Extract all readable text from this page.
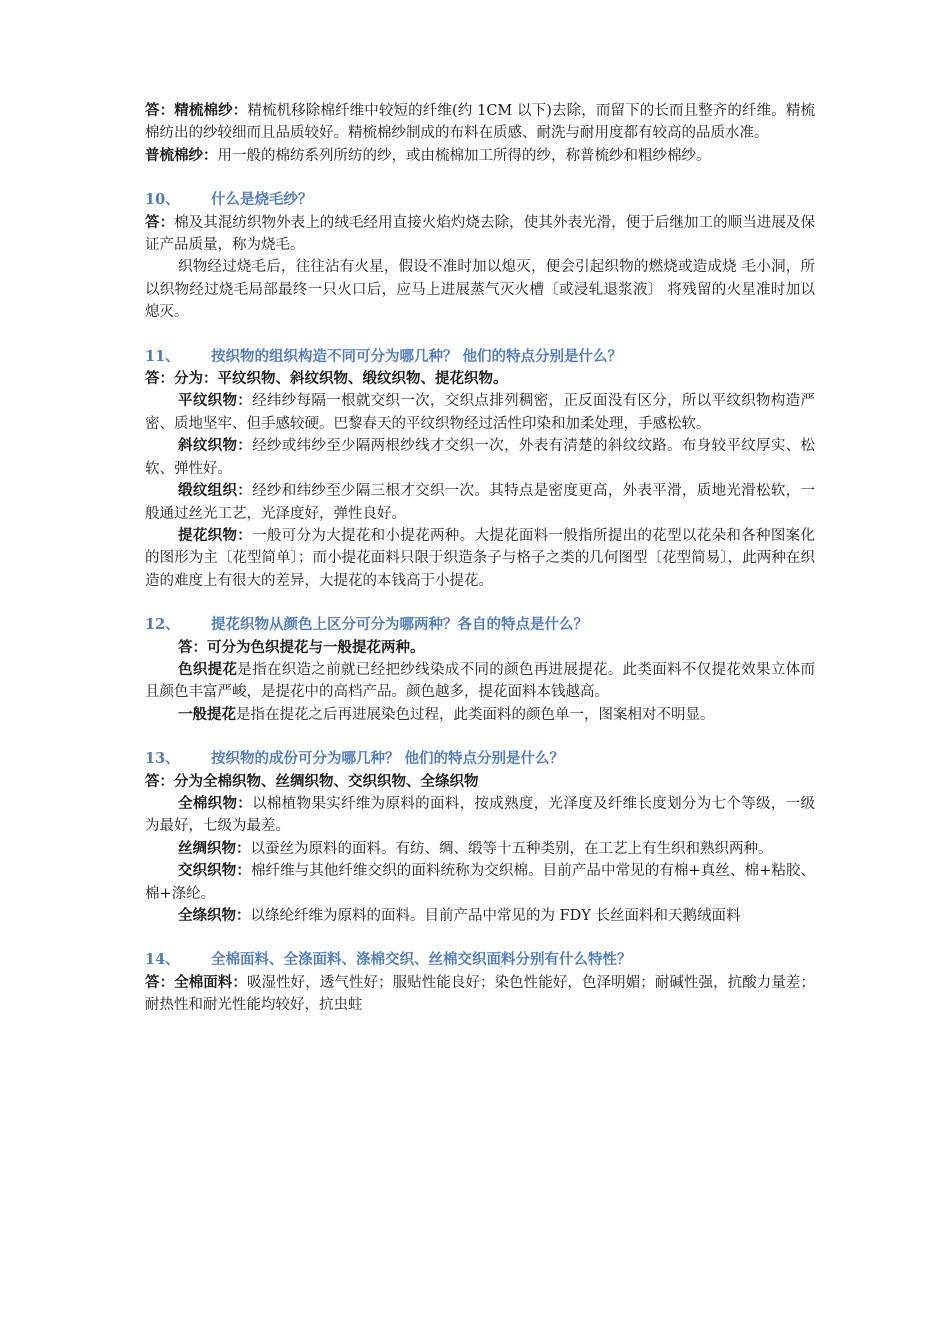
答：精梳棉纱：精梳机移除棉纤维中较短的纤维(约 1CM 以下)去除，而留下的长而且整齐的纤维。精梳棉纺出的纱较细而且品质较好。精梳棉纱制成的布料在质感、耐洗与耐用度都有较高的品质水准。

普梳棉纱：用一般的棉纺系列所纺的纱，或由梳棉加工所得的纱，称普梳纱和粗纱棉纱。

10、 什么是烧毛纱？

答：棉及其混纺织物外表上的绒毛经用直接火焰灼烧去除，使其外表光滑，便于后继加工的顺当进展及保证产品质量，称为烧毛。

织物经过烧毛后，往往沾有火星，假设不准时加以熄灭，便会引起织物的燃烧或造成烧 毛小洞，所以织物经过烧毛局部最终一只火口后，应马上进展蒸气灭火槽〔或浸轧退浆液〕 将残留的火星准时加以熄灭。

11、 按织物的组织构造不同可分为哪几种？ 他们的特点分别是什么？

答：分为：平纹织物、斜纹织物、缎纹织物、提花织物。

平纹织物：经纬纱每隔一根就交织一次，交织点排列稠密，正反面没有区分，所以平纹织物构造严密、质地坚牢、但手感较硬。巴黎春天的平纹织物经过活性印染和加柔处理，手感松软。

斜纹织物：经纱或纬纱至少隔两根纱线才交织一次，外表有清楚的斜纹纹路。布身较平纹厚实、松软、弹性好。

缎纹组织：经纱和纬纱至少隔三根才交织一次。其特点是密度更高，外表平滑，质地光滑松软，一般通过丝光工艺，光泽度好，弹性良好。

提花织物：一般可分为大提花和小提花两种。大提花面料一般指所提出的花型以花朵和各种图案化的图形为主〔花型简单〕；而小提花面料只限于织造条子与格子之类的几何图型〔花型简易〕，此两种在织造的难度上有很大的差异，大提花的本钱高于小提花。

12、 提花织物从颜色上区分可分为哪两种？各自的特点是什么？

答：可分为色织提花与一般提花两种。

色织提花是指在织造之前就已经把纱线染成不同的颜色再进展提花。此类面料不仅提花效果立体而且颜色丰富严峻，是提花中的高档产品。颜色越多，提花面料本钱越高。

一般提花是指在提花之后再进展染色过程，此类面料的颜色单一，图案相对不明显。

13、 按织物的成份可分为哪几种？ 他们的特点分别是什么？

答：分为全棉织物、丝绸织物、交织织物、全绦织物

全棉织物：以棉植物果实纤维为原料的面料，按成熟度，光泽度及纤维长度划分为七个等级，一级为最好，七级为最差。

丝绸织物：以蚕丝为原料的面料。有纺、绸、缎等十五种类别，在工艺上有生织和熟织两种。

交织织物：棉纤维与其他纤维交织的面料统称为交织棉。目前产品中常见的有棉+真丝、棉+粘胶、棉+涤纶。

全绦织物：以绦纶纤维为原料的面料。目前产品中常见的为 FDY 长丝面料和天鹅绒面料

14、 全棉面料、全涤面料、涤棉交织、丝棉交织面料分别有什么特性？

答：全棉面料：吸湿性好，透气性好；服贴性能良好；染色性能好，色泽明媚；耐碱性强，抗酸力量差；耐热性和耐光性能均较好，抗虫蛀
